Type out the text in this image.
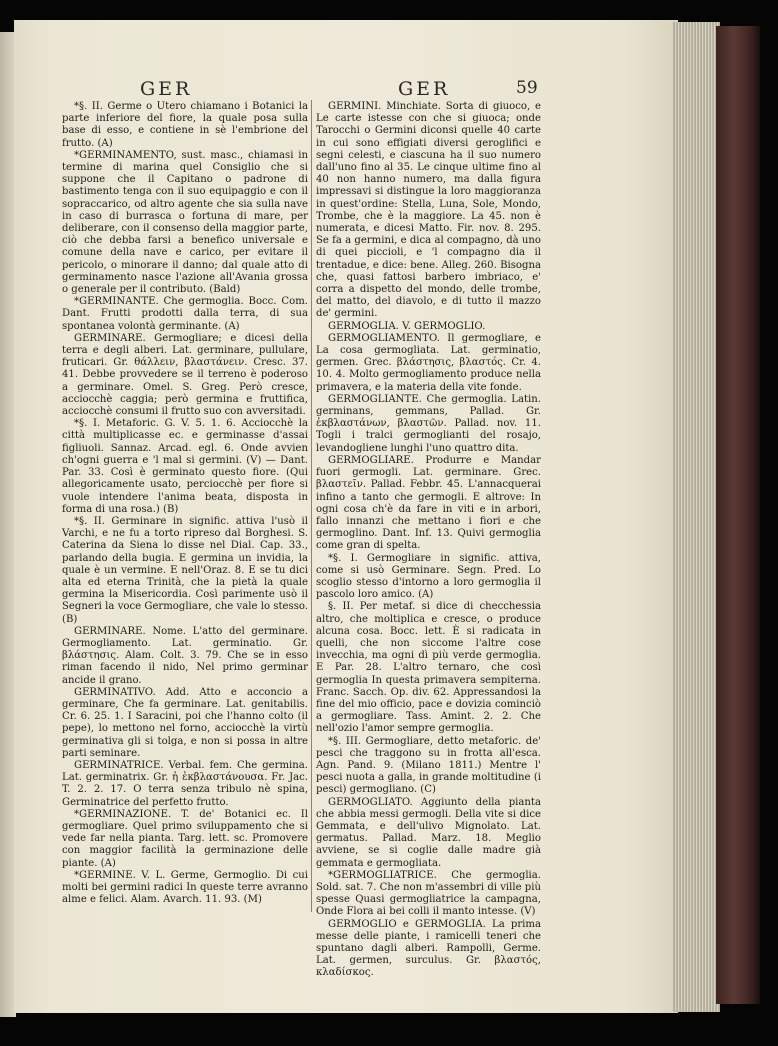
GER	GER	59

*§. II. Germe o Utero chiamano i Botanici la parte inferiore del fiore, la quale posa sulla base di esso, e contiene in sè l'embrione del frutto. (A)

*GERMINAMENTO, sust. masc., chiamasi in termine di marina quel Consiglio che si suppone che il Capitano o padrone di bastimento tenga con il suo equipaggio e con il sopraccarico, od altro agente che sia sulla nave in caso di burrasca o fortuna di mare, per deliberare, con il consenso della maggior parte, ciò che debba farsi a benefico universale e comune della nave e carico, per evitare il pericolo, o minorare il danno; dal quale atto di germinamento nasce l'azione all'Avania grossa o generale per il contributo. (Bald)

*GERMINANTE. Che germoglia. Bocc. Com. Dant. Frutti prodotti dalla terra, di sua spontanea volontà germinante. (A)

GERMINARE. Germogliare; e dicesi della terra e degli alberi. Lat. germinare, pullulare, fruticari. Gr. θάλλειν, βλαστάνειν. Cresc. 37. 41. Debbe provvedere se il terreno è poderoso a germinare. Omel. S. Greg. Però cresce, acciocchè caggia; però germina e fruttifica, acciocchè consumi il frutto suo con avversitadi.

*§. I. Metaforic. G. V. 5. 1. 6. Acciocchè la città multiplicasse ec. e germinasse d'assai figliuoli. Sannaz. Arcad. egl. 6. Onde avvien ch'ogni guerra e 'l mal si germini. (V) — Dant. Par. 33. Così è germinato questo fiore. (Qui allegoricamente usato, perciocchè per fiore si vuole intendere l'anima beata, disposta in forma di una rosa.) (B)

*§. II. Germinare in signific. attiva l'usò il Varchi, e ne fu a torto ripreso dal Borghesi. S. Caterina da Siena lo disse nel Dial. Cap. 33., parlando della bugia. E germina un invidia, la quale è un vermine. E nell'Oraz. 8. E se tu dici alta ed eterna Trinità, che la pietà la quale germina la Misericordia. Così parimente usò il Segneri la voce Germogliare, che vale lo stesso. (B)

GERMINARE. Nome. L'atto del germinare. Germogliamento. Lat. germinatio. Gr. βλάστησις. Alam. Colt. 3. 79. Che se in esso riman facendo il nido, Nel primo germinar ancide il grano.

GERMINATIVO. Add. Atto e acconcio a germinare, Che fa germinare. Lat. genitabilis. Cr. 6. 25. 1. I Saracini, poi che l'hanno colto (il pepe), lo mettono nel forno, acciocchè la virtù germinativa gli si tolga, e non si possa in altre parti seminare.

GERMINATRICE. Verbal. fem. Che germina. Lat. germinatrix. Gr. ἡ ἐκβλαστάνουσα. Fr. Jac. T. 2. 2. 17. O terra senza tribulo nè spina, Germinatrice del perfetto frutto.

*GERMINAZIONE. T. de' Botanici ec. Il germogliare. Quel primo sviluppamento che si vede far nella pianta. Targ. lett. sc. Promovere con maggior facilità la germinazione delle piante. (A)

*GERMINE. V. L. Germe, Germoglio. Di cui molti bei germini radici In queste terre avranno alme e felici. Alam. Avarch. 11. 93. (M)

GERMINI. Minchiate. Sorta di giuoco, e Le carte istesse con che si giuoca; onde Tarocchi o Germini diconsi quelle 40 carte in cui sono effigiati diversi geroglifici e segni celesti, e ciascuna ha il suo numero dall'uno fino al 35. Le cinque ultime fino al 40 non hanno numero, ma dalla figura impressavi si distingue la loro maggioranza in quest'ordine: Stella, Luna, Sole, Mondo, Trombe, che è la maggiore. La 45. non è numerata, e dicesi Matto. Fir. nov. 8. 295. Se fa a germini, e dica al compagno, dà uno di quei piccioli, e 'l compagno dia il trentadue, e dice: bene. Alleg. 260. Bisogna che, quasi fattosi barbero imbriaco, e' corra a dispetto del mondo, delle trombe, del matto, del diavolo, e di tutto il mazzo de' germini.

GERMOGLIA. V. GERMOGLIO.

GERMOGLIAMENTO. Il germogliare, e La cosa germogliata. Lat. germinatio, germen. Grec. βλάστησις, βλαστός. Cr. 4. 10. 4. Molto germogliamento produce nella primavera, e la materia della vite fonde.

GERMOGLIANTE. Che germoglia. Latin. germinans, gemmans, Pallad. Gr. ἐκβλαστάνων, βλαστῶν. Pallad. nov. 11. Togli i tralci germoglianti del rosajo, levandogliene lunghi l'uno quattro dita.

GERMOGLIARE. Produrre e Mandar fuori germogli. Lat. germinare. Grec. βλαστεῖν. Pallad. Febbr. 45. L'annacquerai infino a tanto che germogli. E altrove: In ogni cosa ch'è da fare in viti e in arbori, fallo innanzi che mettano i fiori e che germoglino. Dant. Inf. 13. Quivi germoglia come gran di spelta.

*§. I. Germogliare in signific. attiva, come si usò Germinare. Segn. Pred. Lo scoglio stesso d'intorno a loro germoglia il pascolo loro amico. (A)

§. II. Per metaf. si dice di checchessia altro, che moltiplica e cresce, o produce alcuna cosa. Bocc. lett. È si radicata in quelli, che non siccome l'altre cose invecchia, ma ogni dì più verde germoglia. E Par. 28. L'altro ternaro, che così germoglia In questa primavera sempiterna. Franc. Sacch. Op. div. 62. Appressandosi la fine del mio officio, pace e dovizia cominciò a germogliare. Tass. Amint. 2. 2. Che nell'ozio l'amor sempre germoglia.

*§. III. Germogliare, detto metaforic. de' pesci che traggono su in frotta all'esca. Agn. Pand. 9. (Milano 1811.) Mentre l' pesci nuota a galla, in grande moltitudine (i pesci) germogliano. (C)

GERMOGLIATO. Aggiunto della pianta che abbia messi germogli. Della vite si dice Gemmata, e dell'ulivo Mignolato. Lat. germatus. Pallad. Marz. 18. Meglio avviene, se si coglie dalle madre già gemmata e germogliata.

*GERMOGLIATRICE. Che germoglia. Sold. sat. 7. Che non m'assembri di ville più spesse Quasi germogliatrice la campagna, Onde Flora ai bei colli il manto intesse. (V)

GERMOGLIO e GERMOGLIA. La prima messe delle piante, i ramicelli teneri che spuntano dagli alberi. Rampolli, Germe. Lat. germen, surculus. Gr. βλαστός, κλαδίσκος.
